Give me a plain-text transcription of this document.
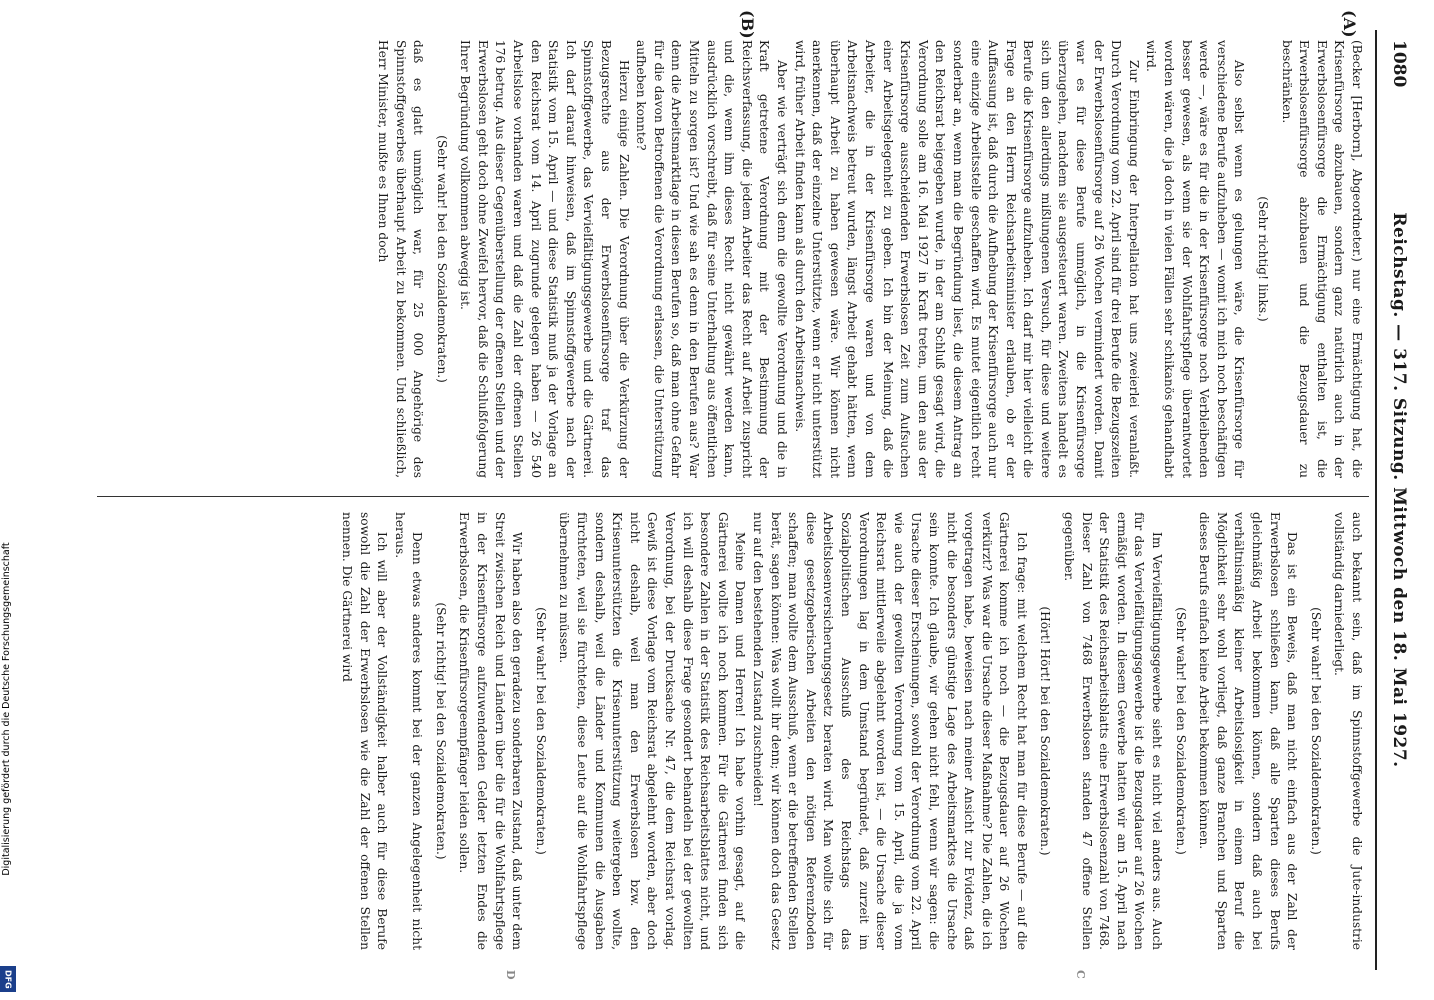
1080
Reichstag. — 317. Sitzung. Mittwoch den 18. Mai 1927.
(A)
(B)
C
D

(Becker [Herborn], Abgeordneter.) nur eine Ermächtigung hat, die Krisenfürsorge abzubauen, sondern ganz natürlich auch in der Erwerbslosenfürsorge die Ermächtigung enthalten ist, die Erwerbslosenfürsorge abzubauen und die Bezugsdauer zu beschränken.

(Sehr richtig! links.)

Also selbst wenn es gelungen wäre, die Krisenfürsorge für verschiedene Berufe aufzuheben — womit ich mich noch beschäftigen werde —, wäre es für die in der Krisenfürsorge noch Verbleibenden besser gewesen, als wenn sie der Wohlfahrtspflege überantwortet worden wären, die ja doch in vielen Fällen sehr schikanös gehandhabt wird.

Zur Einbringung der Interpellation hat uns zweierlei veranlaßt. Durch Verordnung vom 22. April sind für drei Berufe die Bezugszeiten der Erwerbslosenfürsorge auf 26 Wochen vermindert worden. Damit war es für diese Berufe unmöglich, in die Krisenfürsorge überzugehen, nachdem sie ausgesteuert waren. Zweitens handelt es sich um den allerdings mißlungenen Versuch, für diese und weitere Berufe die Krisenfürsorge aufzuheben. Ich darf mir hier vielleicht die Frage an den Herrn Reichsarbeitsminister erlauben, ob er der Auffassung ist, daß durch die Aufhebung der Krisenfürsorge auch nur eine einzige Arbeitsstelle geschaffen wird. Es mutet eigentlich recht sonderbar an, wenn man die Begründung liest, die diesem Antrag an den Reichsrat beigegeben wurde, in der am Schluß gesagt wird, die Verordnung solle am 16. Mai 1927 in Kraft treten, um den aus der Krisenfürsorge ausscheidenden Erwerbslosen Zeit zum Aufsuchen einer Arbeitsgelegenheit zu geben. Ich bin der Meinung, daß die Arbeiter, die in der Krisenfürsorge waren und von dem Arbeitsnachweis betreut wurden, längst Arbeit gehabt hätten, wenn überhaupt Arbeit zu haben gewesen wäre. Wir können nicht anerkennen, daß der einzelne Unterstützte, wenn er nicht unterstützt wird, früher Arbeit finden kann als durch den Arbeitsnachweis.

Aber wie verträgt sich denn die gewollte Verordnung und die in Kraft getretene Verordnung mit der Bestimmung der Reichsverfassung, die jedem Arbeiter das Recht auf Arbeit zuspricht und die, wenn ihm dieses Recht nicht gewährt werden kann, ausdrücklich vorschreibt, daß für seine Unterhaltung aus öffentlichen Mitteln zu sorgen ist? Und wie sah es denn in den Berufen aus? War denn die Arbeitsmarktlage in diesen Berufen so, daß man ohne Gefahr für die davon Betroffenen die Verordnung erlassen, die Unterstützung aufheben konnte?

Hierzu einige Zahlen. Die Verordnung über die Verkürzung der Bezugsrechte aus der Erwerbslosenfürsorge traf das Spinnstoffgewerbe, das Vervielfältigungsgewerbe und die Gärtnerei. Ich darf darauf hinweisen, daß im Spinnstoffgewerbe nach der Statistik vom 15. April — und diese Statistik muß ja der Vorlage an den Reichsrat vom 14. April zugrunde gelegen haben — 26 540 Arbeitslose vorhanden waren und daß die Zahl der offenen Stellen 176 betrug. Aus dieser Gegenüberstellung der offenen Stellen und der Erwerbslosen geht doch ohne Zweifel hervor, daß die Schlußfolgerung Ihrer Begründung vollkommen abwegig ist.

(Sehr wahr! bei den Sozialdemokraten.)

daß es glatt unmöglich war, für 25 000 Angehörige des Spinnstoffgewerbes überhaupt Arbeit zu bekommen. Und schließlich, Herr Minister, mußte es Ihnen doch

auch bekannt sein, daß im Spinnstoffgewerbe die Jute-industrie vollständig darniederliegt.

(Sehr wahr! bei den Sozialdemokraten.)

Das ist ein Beweis, daß man nicht einfach aus der Zahl der Erwerbslosen schließen kann, daß alle Sparten dieses Berufs gleichmäßig Arbeit bekommen können, sondern daß auch bei verhältnismäßig kleiner Arbeitslosigkeit in einem Beruf die Möglichkeit sehr wohl vorliegt, daß ganze Branchen und Sparten dieses Berufs einfach keine Arbeit bekommen können.

(Sehr wahr! bei den Sozialdemokraten.)

Im Vervielfältigungsgewerbe sieht es nicht viel anders aus. Auch für das Vervielfältigungsgewerbe ist die Bezugsdauer auf 26 Wochen ermäßigt worden. In diesem Gewerbe hatten wir am 15. April nach der Statistik des Reichsarbeitsblatts eine Erwerbslosenzahl von 7468. Dieser Zahl von 7468 Erwerbslosen standen 47 offene Stellen gegenüber.

(Hört! Hört! bei den Sozialdemokraten.)

Ich frage: mit welchem Recht hat man für diese Berufe — auf die Gärtnerei komme ich noch — die Bezugsdauer auf 26 Wochen verkürzt? Was war die Ursache dieser Maßnahme? Die Zahlen, die ich vorgetragen habe, beweisen nach meiner Ansicht zur Evidenz, daß nicht die besonders günstige Lage des Arbeitsmarktes die Ursache sein konnte. Ich glaube, wir gehen nicht fehl, wenn wir sagen: die Ursache dieser Erscheinungen, sowohl der Verordnung vom 22. April wie auch der gewollten Verordnung vom 15. April, die ja vom Reichsrat mittlerweile abgelehnt worden ist, — die Ursache dieser Verordnungen lag in dem Umstand begründet, daß zurzeit im Sozialpolitischen Ausschuß des Reichstags das Arbeitslosenversicherungsgesetz beraten wird. Man wollte sich für diese gesetzgeberischen Arbeiten den nötigen Referenzboden schaffen; man wollte dem Ausschuß, wenn er die betreffenden Stellen berät, sagen können: Was wollt ihr denn; wir können doch das Gesetz nur auf den bestehenden Zustand zuschneiden!

Meine Damen und Herren! Ich habe vorhin gesagt, auf die Gärtnerei wollte ich noch kommen. Für die Gärtnerei finden sich besondere Zahlen in der Statistik des Reichsarbeitsblattes nicht, und ich will deshalb diese Frage gesondert behandeln bei der gewollten Verordnung, bei der Drucksache Nr. 47, die dem Reichsrat vorlag. Gewiß ist diese Vorlage vom Reichsrat abgelehnt worden, aber doch nicht deshalb, weil man den Erwerbslosen bzw. den Krisenunterstützten die Krisenunterstützung weitergeben wollte, sondern deshalb, weil die Länder und Kommunen die Ausgaben fürchteten, weil sie fürchteten, diese Leute auf die Wohlfahrtspflege übernehmen zu müssen.

(Sehr wahr! bei den Sozialdemokraten.)

Wir haben also den geradezu sonderbaren Zustand, daß unter dem Streit zwischen Reich und Ländern über die für die Wohlfahrtspflege in der Krisenfürsorge aufzuwendenden Gelder letzten Endes die Erwerbslosen, die Krisenfürsorgeempfänger leiden sollen.

(Sehr richtig! bei den Sozialdemokraten.)

Denn etwas anderes kommt bei der ganzen Angelegenheit nicht heraus.

Ich will aber der Vollständigkeit halber auch für diese Berufe sowohl die Zahl der Erwerbslosen wie die Zahl der offenen Stellen nennen. Die Gärtnerei wird

Digitalisierung gefördert durch die Deutsche Forschungsgemeinschaft
DFG
